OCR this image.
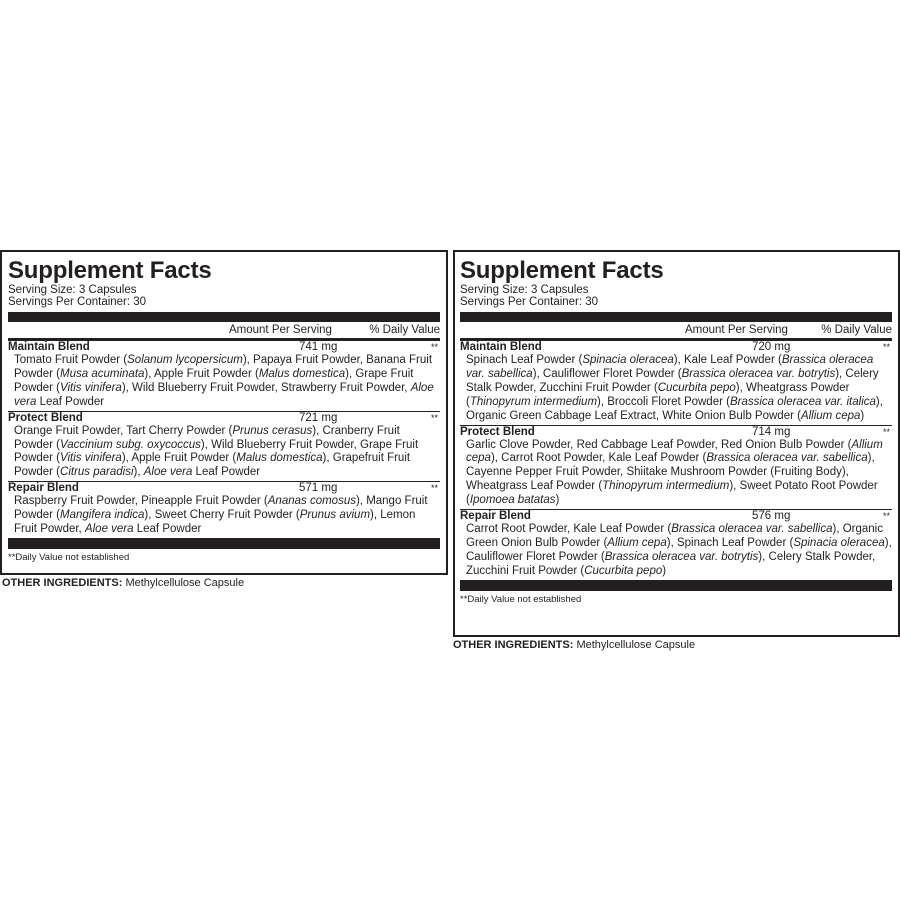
Supplement Facts
Serving Size: 3 Capsules
Servings Per Container: 30
Amount Per Serving	% Daily Value
Maintain Blend	741 mg	**
Tomato Fruit Powder (Solanum lycopersicum), Papaya Fruit Powder, Banana Fruit Powder (Musa acuminata), Apple Fruit Powder (Malus domestica), Grape Fruit Powder (Vitis vinifera), Wild Blueberry Fruit Powder, Strawberry Fruit Powder, Aloe vera Leaf Powder
Protect Blend	721 mg	**
Orange Fruit Powder, Tart Cherry Powder (Prunus cerasus), Cranberry Fruit Powder (Vaccinium subg. oxycoccus), Wild Blueberry Fruit Powder, Grape Fruit Powder (Vitis vinifera), Apple Fruit Powder (Malus domestica), Grapefruit Fruit Powder (Citrus paradisi), Aloe vera Leaf Powder
Repair Blend	571 mg	**
Raspberry Fruit Powder, Pineapple Fruit Powder (Ananas comosus), Mango Fruit Powder (Mangifera indica), Sweet Cherry Fruit Powder (Prunus avium), Lemon Fruit Powder, Aloe vera Leaf Powder
**Daily Value not established
OTHER INGREDIENTS: Methylcellulose Capsule
Supplement Facts
Serving Size: 3 Capsules
Servings Per Container: 30
Amount Per Serving	% Daily Value
Maintain Blend	720 mg	**
Spinach Leaf Powder (Spinacia oleracea), Kale Leaf Powder (Brassica oleracea var. sabellica), Cauliflower Floret Powder (Brassica oleracea var. botrytis), Celery Stalk Powder, Zucchini Fruit Powder (Cucurbita pepo), Wheatgrass Powder (Thinopyrum intermedium), Broccoli Floret Powder (Brassica oleracea var. italica), Organic Green Cabbage Leaf Extract, White Onion Bulb Powder (Allium cepa)
Protect Blend	714 mg	**
Garlic Clove Powder, Red Cabbage Leaf Powder, Red Onion Bulb Powder (Allium cepa), Carrot Root Powder, Kale Leaf Powder (Brassica oleracea var. sabellica), Cayenne Pepper Fruit Powder, Shiitake Mushroom Powder (Fruiting Body), Wheatgrass Leaf Powder (Thinopyrum intermedium), Sweet Potato Root Powder (Ipomoea batatas)
Repair Blend	576 mg	**
Carrot Root Powder, Kale Leaf Powder (Brassica oleracea var. sabellica), Organic Green Onion Bulb Powder (Allium cepa), Spinach Leaf Powder (Spinacia oleracea), Cauliflower Floret Powder (Brassica oleracea var. botrytis), Celery Stalk Powder, Zucchini Fruit Powder (Cucurbita pepo)
**Daily Value not established
OTHER INGREDIENTS: Methylcellulose Capsule
